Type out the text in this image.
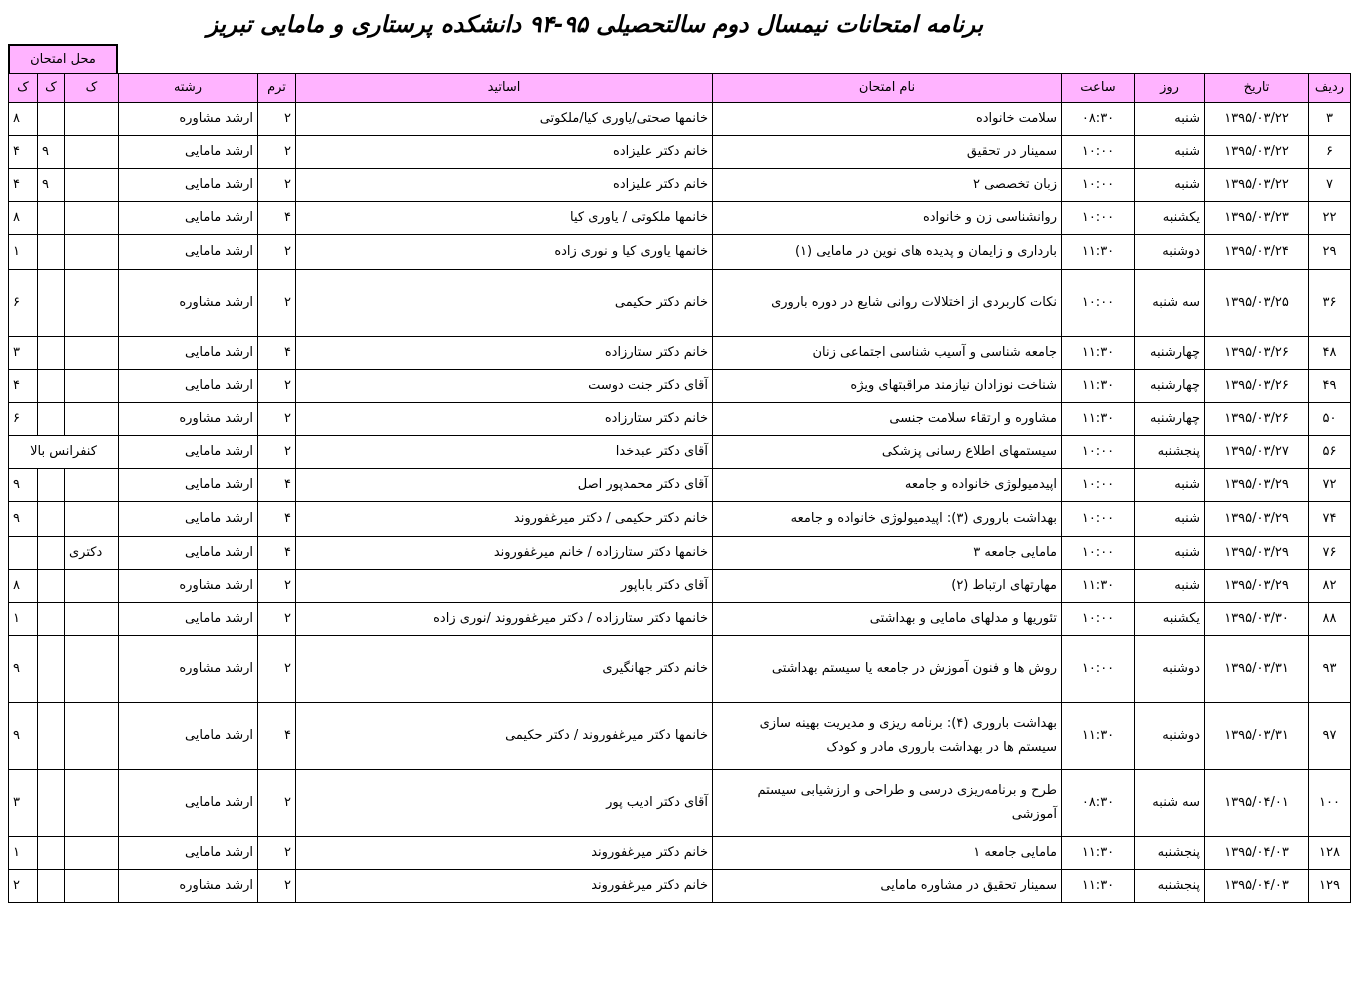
برنامه امتحانات نیمسال دوم سالتحصیلی ۹۵-۹۴ دانشکده پرستاری و مامایی تبریز
محل امتحان
ک	ک	ک	رشته	ترم	اساتید	نام امتحان	ساعت	روز	تاریخ	ردیف
۸			ارشد مشاوره	۲	خانمها صحتی/یاوری کیا/ملکوتی	سلامت خانواده	۰۸:۳۰	شنبه	۱۳۹۵/۰۳/۲۲	۳
۴	۹		ارشد مامایی	۲	خانم دکتر علیزاده	سمینار در تحقیق	۱۰:۰۰	شنبه	۱۳۹۵/۰۳/۲۲	۶
۴	۹		ارشد مامایی	۲	خانم دکتر علیزاده	زبان تخصصی ۲	۱۰:۰۰	شنبه	۱۳۹۵/۰۳/۲۲	۷
۸			ارشد مامایی	۴	خانمها ملکوتی / یاوری کیا	روانشناسی زن و خانواده	۱۰:۰۰	یکشنبه	۱۳۹۵/۰۳/۲۳	۲۲
۱			ارشد مامایی	۲	خانمها یاوری کیا و نوری زاده	بارداری و زایمان و پدیده های نوین در مامایی (۱)	۱۱:۳۰	دوشنبه	۱۳۹۵/۰۳/۲۴	۲۹
۶			ارشد مشاوره	۲	خانم دکتر حکیمی	نکات کاربردی از اختلالات روانی شایع در دوره باروری	۱۰:۰۰	سه شنبه	۱۳۹۵/۰۳/۲۵	۳۶
۳			ارشد مامایی	۴	خانم دکتر ستارزاده	جامعه شناسی و آسیب شناسی اجتماعی زنان	۱۱:۳۰	چهارشنبه	۱۳۹۵/۰۳/۲۶	۴۸
۴			ارشد مامایی	۲	آقای دکتر جنت دوست	شناخت نوزادان نیازمند مراقبتهای ویژه	۱۱:۳۰	چهارشنبه	۱۳۹۵/۰۳/۲۶	۴۹
۶			ارشد مشاوره	۲	خانم دکتر ستارزاده	مشاوره و ارتقاء سلامت جنسی	۱۱:۳۰	چهارشنبه	۱۳۹۵/۰۳/۲۶	۵۰
کنفرانس بالا			ارشد مامایی	۲	آقای دکتر عبدخدا	سیستمهای اطلاع رسانی پزشکی	۱۰:۰۰	پنجشنبه	۱۳۹۵/۰۳/۲۷	۵۶
۹			ارشد مامایی	۴	آقای دکتر محمدپور اصل	اپیدمیولوژی خانواده و جامعه	۱۰:۰۰	شنبه	۱۳۹۵/۰۳/۲۹	۷۲
۹			ارشد مامایی	۴	خانم دکتر حکیمی / دکتر میرغفوروند	بهداشت باروری (۳): اپیدمیولوژی خانواده و جامعه	۱۰:۰۰	شنبه	۱۳۹۵/۰۳/۲۹	۷۴
		دکتری	ارشد مامایی	۴	خانمها دکتر ستارزاده / خانم میرغفوروند	مامایی جامعه ۳	۱۰:۰۰	شنبه	۱۳۹۵/۰۳/۲۹	۷۶
۸			ارشد مشاوره	۲	آقای دکتر باباپور	مهارتهای ارتباط (۲)	۱۱:۳۰	شنبه	۱۳۹۵/۰۳/۲۹	۸۲
۱			ارشد مامایی	۲	خانمها دکتر ستارزاده / دکتر میرغفوروند /نوری زاده	تئوریها و مدلهای مامایی و بهداشتی	۱۰:۰۰	یکشنبه	۱۳۹۵/۰۳/۳۰	۸۸
۹			ارشد مشاوره	۲	خانم دکتر جهانگیری	روش ها و فنون آموزش در جامعه یا سیستم بهداشتی	۱۰:۰۰	دوشنبه	۱۳۹۵/۰۳/۳۱	۹۳
۹			ارشد مامایی	۴	خانمها دکتر میرغفوروند / دکتر حکیمی	بهداشت باروری (۴): برنامه ریزی و مدیریت بهینه سازی سیستم ها در بهداشت باروری مادر و کودک	۱۱:۳۰	دوشنبه	۱۳۹۵/۰۳/۳۱	۹۷
۳			ارشد مامایی	۲	آقای دکتر ادیب پور	طرح و برنامه‌ریزی درسی و طراحی و ارزشیابی سیستم آموزشی	۰۸:۳۰	سه شنبه	۱۳۹۵/۰۴/۰۱	۱۰۰
۱			ارشد مامایی	۲	خانم دکتر میرغفوروند	مامایی جامعه ۱	۱۱:۳۰	پنجشنبه	۱۳۹۵/۰۴/۰۳	۱۲۸
۲			ارشد مشاوره	۲	خانم دکتر میرغفوروند	سمینار تحقیق در مشاوره مامایی	۱۱:۳۰	پنجشنبه	۱۳۹۵/۰۴/۰۳	۱۲۹
